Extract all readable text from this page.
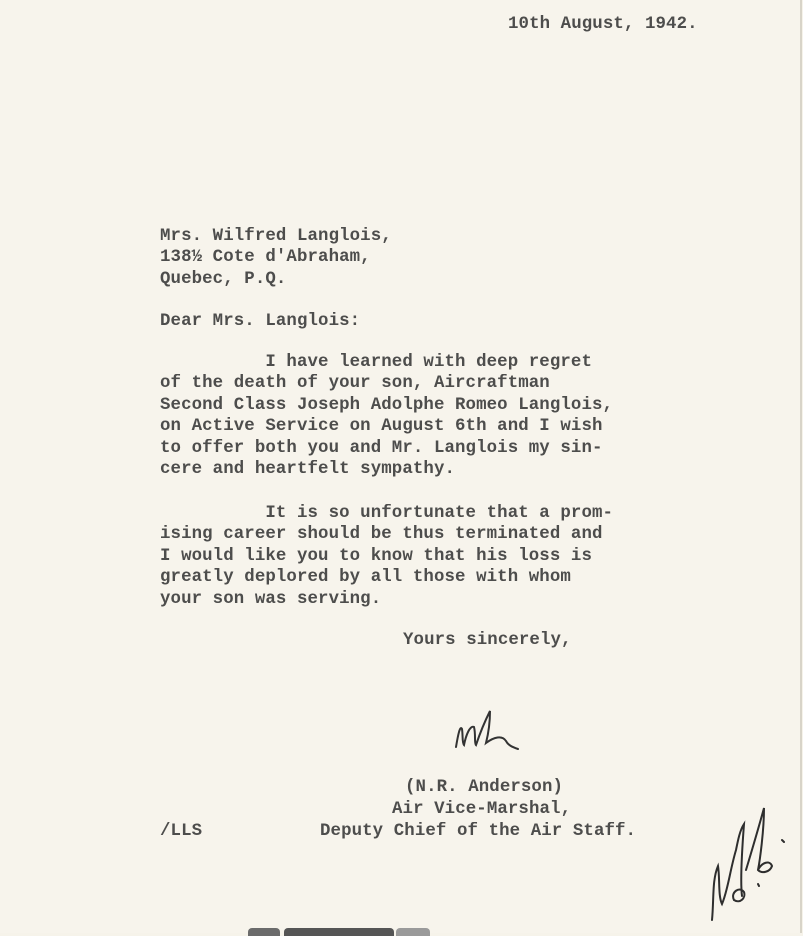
10th August, 1942.
Mrs. Wilfred Langlois,
138½ Cote d'Abraham,
Quebec, P.Q.
Dear Mrs. Langlois:
I have learned with deep regret
of the death of your son, Aircraftman
Second Class Joseph Adolphe Romeo Langlois,
on Active Service on August 6th and I wish
to offer both you and Mr. Langlois my sin-
cere and heartfelt sympathy.
It is so unfortunate that a prom-
ising career should be thus terminated and
I would like you to know that his loss is
greatly deplored by all those with whom
your son was serving.
Yours sincerely,
(N.R. Anderson)
Air Vice-Marshal,
/LLS	Deputy Chief of the Air Staff.
